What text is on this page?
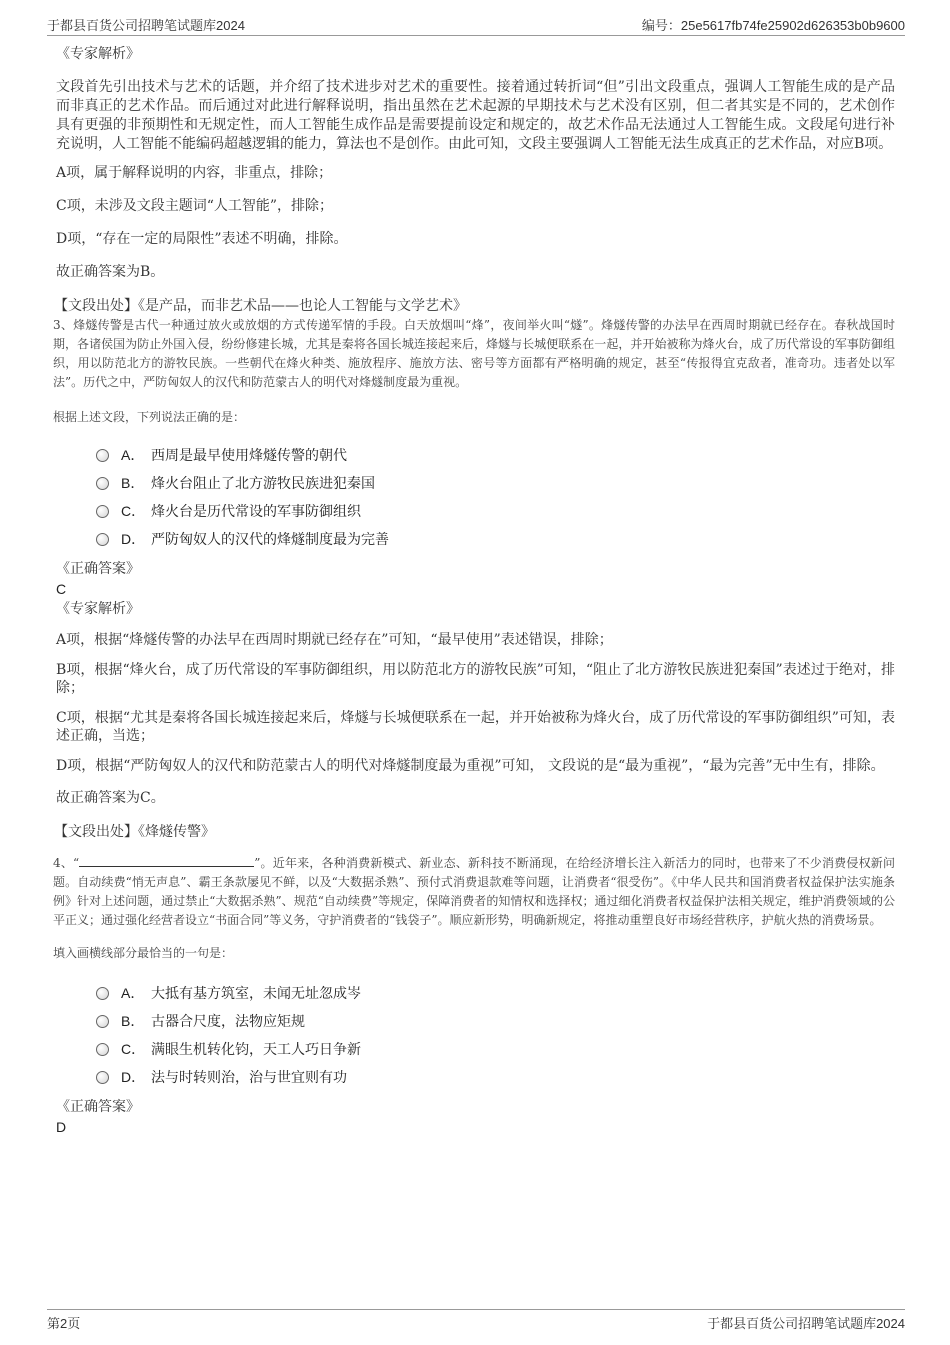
于都县百货公司招聘笔试题库2024	编号：25e5617fb74fe25902d626353b0b9600
《专家解析》

文段首先引出技术与艺术的话题，并介绍了技术进步对艺术的重要性。接着通过转折词“但”引出文段重点，强调人工智能生成的是产品而非真正的艺术作品。而后通过对此进行解释说明，指出虽然在艺术起源的早期技术与艺术没有区别，但二者其实是不同的，艺术创作具有更强的非预期性和无规定性，而人工智能生成作品是需要提前设定和规定的，故艺术作品无法通过人工智能生成。文段尾句进行补充说明，人工智能不能编码超越逻辑的能力，算法也不是创作。由此可知，文段主要强调人工智能无法生成真正的艺术作品，对应B项。

A项，属于解释说明的内容，非重点，排除；
C项，未涉及文段主题词“人工智能”，排除；
D项，“存在一定的局限性”表述不明确，排除。
故正确答案为B。
【文段出处】《是产品，而非艺术品——也论人工智能与文学艺术》

3、烽燧传警是古代一种通过放火或放烟的方式传递军情的手段。白天放烟叫“烽”，夜间举火叫“燧”。烽燧传警的办法早在西周时期就已经存在。春秋战国时期，各诸侯国为防止外国入侵，纷纷修建长城，尤其是秦将各国长城连接起来后，烽燧与长城便联系在一起，并开始被称为烽火台，成了历代常设的军事防御组织，用以防范北方的游牧民族。一些朝代在烽火种类、施放程序、施放方法、密号等方面都有严格明确的规定，甚至“传报得宜克敌者，准奇功。违者处以军法”。历代之中，严防匈奴人的汉代和防范蒙古人的明代对烽燧制度最为重视。

根据上述文段，下列说法正确的是：
A． 西周是最早使用烽燧传警的朝代
B． 烽火台阻止了北方游牧民族进犯秦国
C． 烽火台是历代常设的军事防御组织
D． 严防匈奴人的汉代的烽燧制度最为完善
《正确答案》
C
《专家解析》

A项，根据“烽燧传警的办法早在西周时期就已经存在”可知，“最早使用”表述错误，排除；

B项，根据“烽火台，成了历代常设的军事防御组织，用以防范北方的游牧民族”可知，“阻止了北方游牧民族进犯秦国”表述过于绝对，排除；

C项，根据“尤其是秦将各国长城连接起来后，烽燧与长城便联系在一起，并开始被称为烽火台，成了历代常设的军事防御组织”可知，表述正确，当选；

D项，根据“严防匈奴人的汉代和防范蒙古人的明代对烽燧制度最为重视”可知， 文段说的是“最为重视”，“最为完善”无中生有，排除。

故正确答案为C。
【文段出处】《烽燧传警》

4、“	”。近年来，各种消费新模式、新业态、新科技不断涌现，在给经济增长注入新活力的同时，也带来了不少消费侵权新问题。自动续费“悄无声息”、霸王条款屡见不鲜，以及“大数据杀熟”、预付式消费退款难等问题，让消费者“很受伤”。《中华人民共和国消费者权益保护法实施条例》针对上述问题，通过禁止“大数据杀熟”、规范“自动续费”等规定，保障消费者的知情权和选择权；通过细化消费者权益保护法相关规定，维护消费领域的公平正义；通过强化经营者设立“书面合同”等义务，守护消费者的“钱袋子”。顺应新形势，明确新规定，将推动重塑良好市场经营秩序，护航火热的消费场景。

填入画横线部分最恰当的一句是：
A． 大抵有基方筑室，未闻无址忽成岑
B． 古器合尺度，法物应矩规
C． 满眼生机转化钧，天工人巧日争新
D． 法与时转则治，治与世宜则有功
《正确答案》
D
第2页	于都县百货公司招聘笔试题库2024
